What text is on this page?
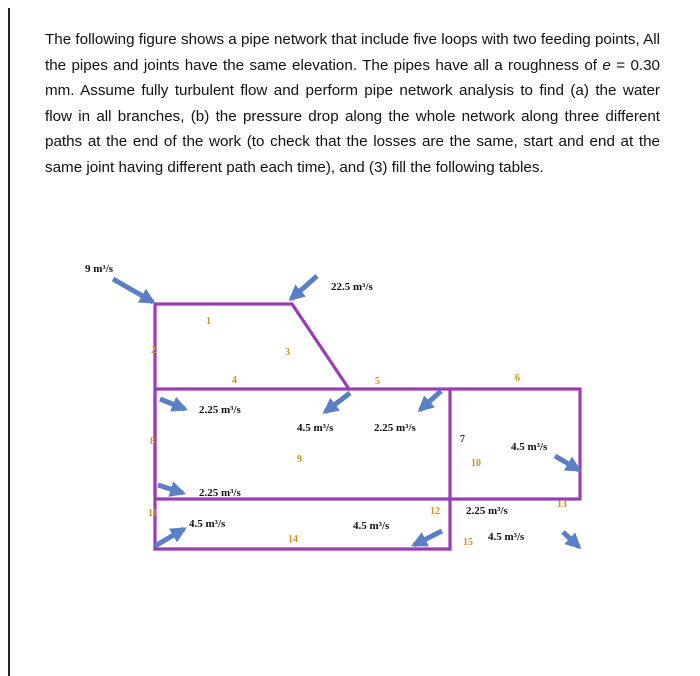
The following figure shows a pipe network that include five loops with two feeding points, All the pipes and joints have the same elevation. The pipes have all a roughness of e = 0.30 mm. Assume fully turbulent flow and perform pipe network analysis to find (a) the water flow in all branches, (b) the pressure drop along the whole network along three different paths at the end of the work (to check that the losses are the same, start and end at the same joint having different path each time), and (3) fill the following tables.
9 m³/s
22.5 m³/s
2.25 m³/s
4.5 m³/s	2.25 m³/s
4.5 m³/s
2.25 m³/s
4.5 m³/s	4.5 m³/s
2.25 m³/s
4.5 m³/s
1
2	3
4	5	6
7
8
9	10
11	12
13
14	15
